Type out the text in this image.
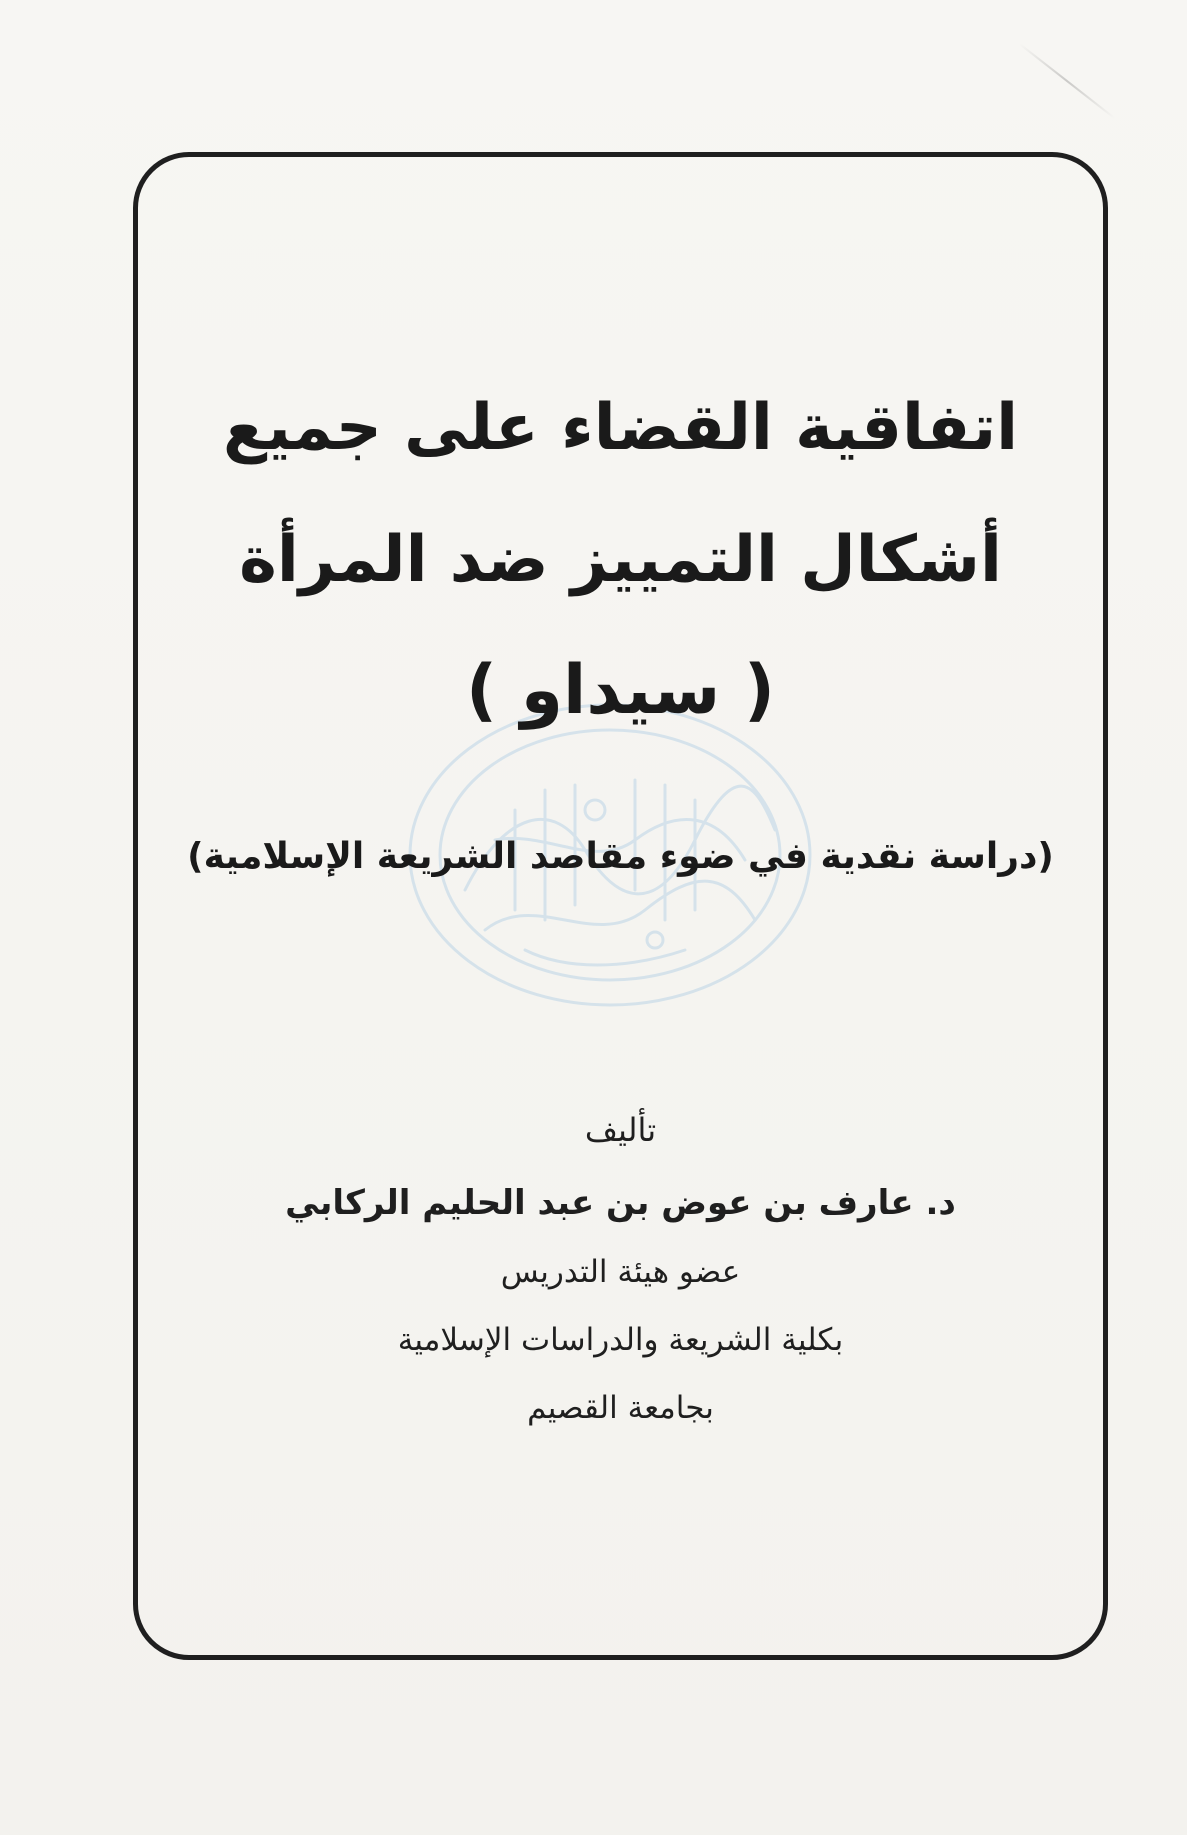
اتفاقية القضاء على جميع
أشكال التمييز ضد المرأة
( سيداو )
(دراسة نقدية في ضوء مقاصد الشريعة الإسلامية)
تأليف
د. عارف بن عوض بن عبد الحليم الركابي
عضو هيئة التدريس
بكلية الشريعة والدراسات الإسلامية
بجامعة القصيم
